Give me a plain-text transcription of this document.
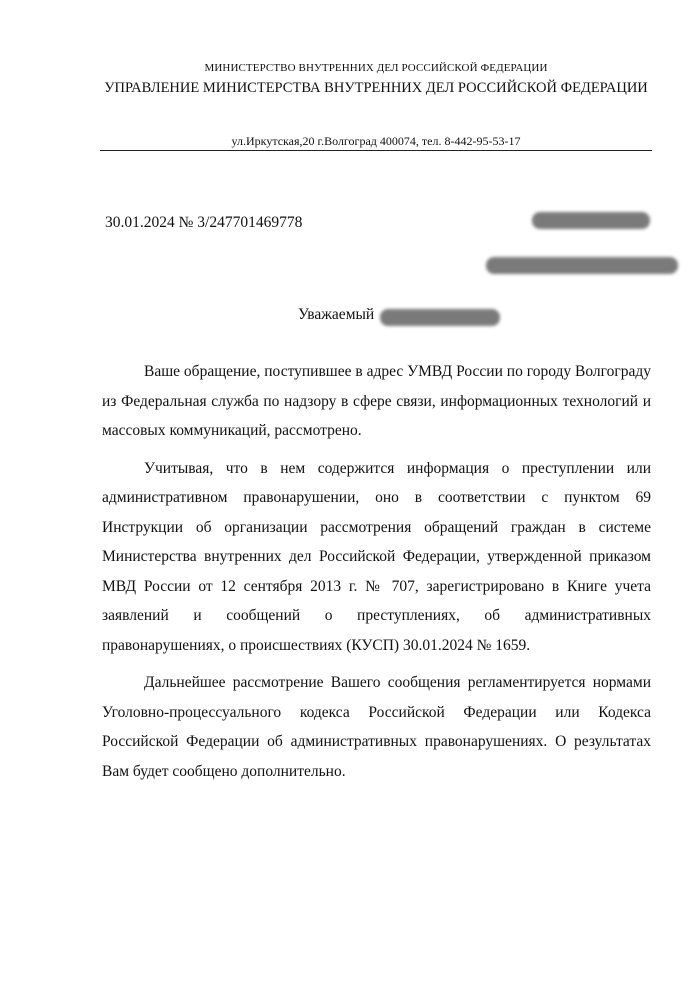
МИНИСТЕРСТВО ВНУТРЕННИХ ДЕЛ РОССИЙСКОЙ ФЕДЕРАЦИИ
УПРАВЛЕНИЕ МИНИСТЕРСТВА ВНУТРЕННИХ ДЕЛ РОССИЙСКОЙ ФЕДЕРАЦИИ
ул.Иркутская,20 г.Волгоград 400074, тел. 8-442-95-53-17
30.01.2024 № 3/247701469778
Уважаемый

Ваше обращение, поступившее в адрес УМВД России по городу Волгограду из Федеральная служба по надзору в сфере связи, информационных технологий и массовых коммуникаций, рассмотрено.

Учитывая, что в нем содержится информация о преступлении или административном правонарушении, оно в соответствии с пунктом 69 Инструкции об организации рассмотрения обращений граждан в системе Министерства внутренних дел Российской Федерации, утвержденной приказом МВД России от 12 сентября 2013 г. № 707, зарегистрировано в Книге учета заявлений и сообщений о преступлениях, об административных правонарушениях, о происшествиях (КУСП) 30.01.2024 № 1659.

Дальнейшее рассмотрение Вашего сообщения регламентируется нормами Уголовно-процессуального кодекса Российской Федерации или Кодекса Российской Федерации об административных правонарушениях. О результатах Вам будет сообщено дополнительно.
